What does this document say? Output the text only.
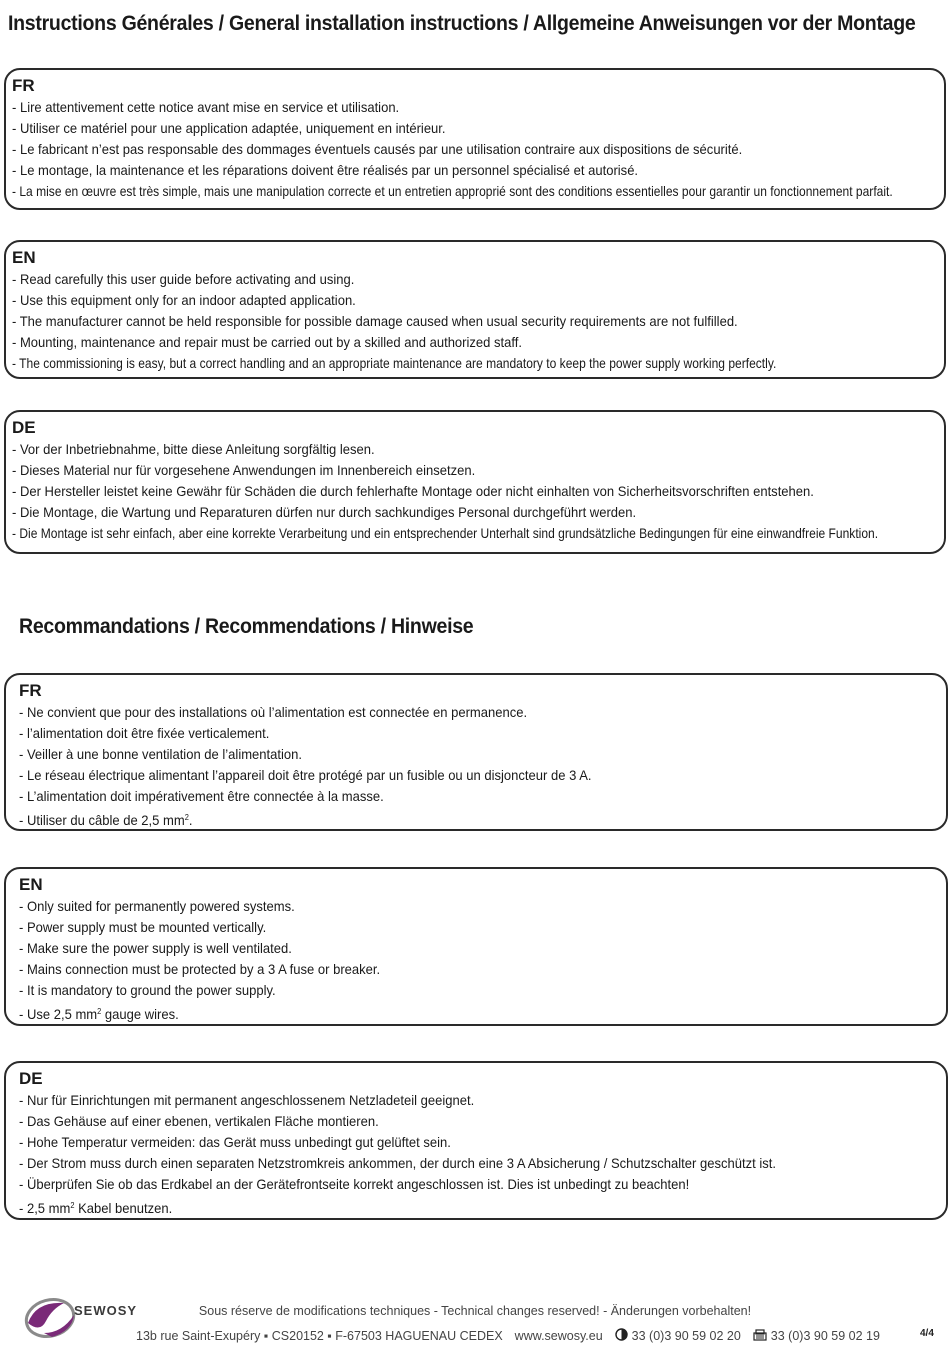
Instructions Générales / General installation instructions / Allgemeine Anweisungen vor der Montage
FR
- Lire attentivement cette notice avant mise en service et utilisation.
- Utiliser ce matériel pour une application adaptée, uniquement en intérieur.
- Le fabricant n’est pas responsable des dommages éventuels causés par une utilisation contraire aux dispositions de sécurité.
- Le montage, la maintenance et les réparations doivent être réalisés par un personnel spécialisé et autorisé.
- La mise en œuvre est très simple, mais une manipulation correcte et un entretien approprié sont des conditions essentielles pour garantir un fonctionnement parfait.
EN
- Read carefully this user guide before activating and using.
- Use this equipment only for an indoor adapted application.
- The manufacturer cannot be held responsible for possible damage caused when usual security requirements are not fulfilled.
- Mounting, maintenance and repair must be carried out by a skilled and authorized staff.
- The commissioning is easy, but a correct handling and an appropriate maintenance are mandatory to keep the power supply working perfectly.
DE
- Vor der Inbetriebnahme, bitte diese Anleitung sorgfältig lesen.
- Dieses Material nur für vorgesehene Anwendungen im Innenbereich einsetzen.
- Der Hersteller leistet keine Gewähr für Schäden die durch fehlerhafte Montage oder nicht einhalten von Sicherheitsvorschriften entstehen.
- Die Montage, die Wartung und Reparaturen dürfen nur durch sachkundiges Personal durchgeführt werden.
- Die Montage ist sehr einfach, aber eine korrekte Verarbeitung und ein entsprechender Unterhalt sind grundsätzliche Bedingungen für eine einwandfreie Funktion.
Recommandations / Recommendations / Hinweise
FR
- Ne convient que pour des installations où l’alimentation est connectée en permanence.
- l’alimentation doit être fixée verticalement.
- Veiller à une bonne ventilation de l’alimentation.
- Le réseau électrique alimentant l’appareil doit être protégé par un fusible ou un disjoncteur de 3 A.
- L’alimentation doit impérativement être connectée à la masse.
- Utiliser du câble de 2,5 $mm^2$.
EN
- Only suited for permanently powered systems.
- Power supply must be mounted vertically.
- Make sure the power supply is well ventilated.
- Mains connection must be protected by a 3 A fuse or breaker.
- It is mandatory to ground the power supply.
- Use 2,5 $mm^2$ gauge wires.
DE
- Nur für Einrichtungen mit permanent angeschlossenem Netzladeteil geeignet.
- Das Gehäuse auf einer ebenen, vertikalen Fläche montieren.
- Hohe Temperatur vermeiden: das Gerät muss unbedingt gut gelüftet sein.
- Der Strom muss durch einen separaten Netzstromkreis ankommen, der durch eine 3 A Absicherung / Schutzschalter geschützt ist.
- Überprüfen Sie ob das Erdkabel an der Gerätefrontseite korrekt angeschlossen ist. Dies ist unbedingt zu beachten!
- 2,5 $mm^2$ Kabel benutzen.
SEWOSY	Sous réserve de modifications techniques - Technical changes reserved! - Änderungen vorbehalten!
13b rue Saint-Exupéry ▪ CS20152 ▪ F-67503 HAGUENAU CEDEX www.sewosy.eu 33 (0)3 90 59 02 20 33 (0)3 90 59 02 19	4/4
